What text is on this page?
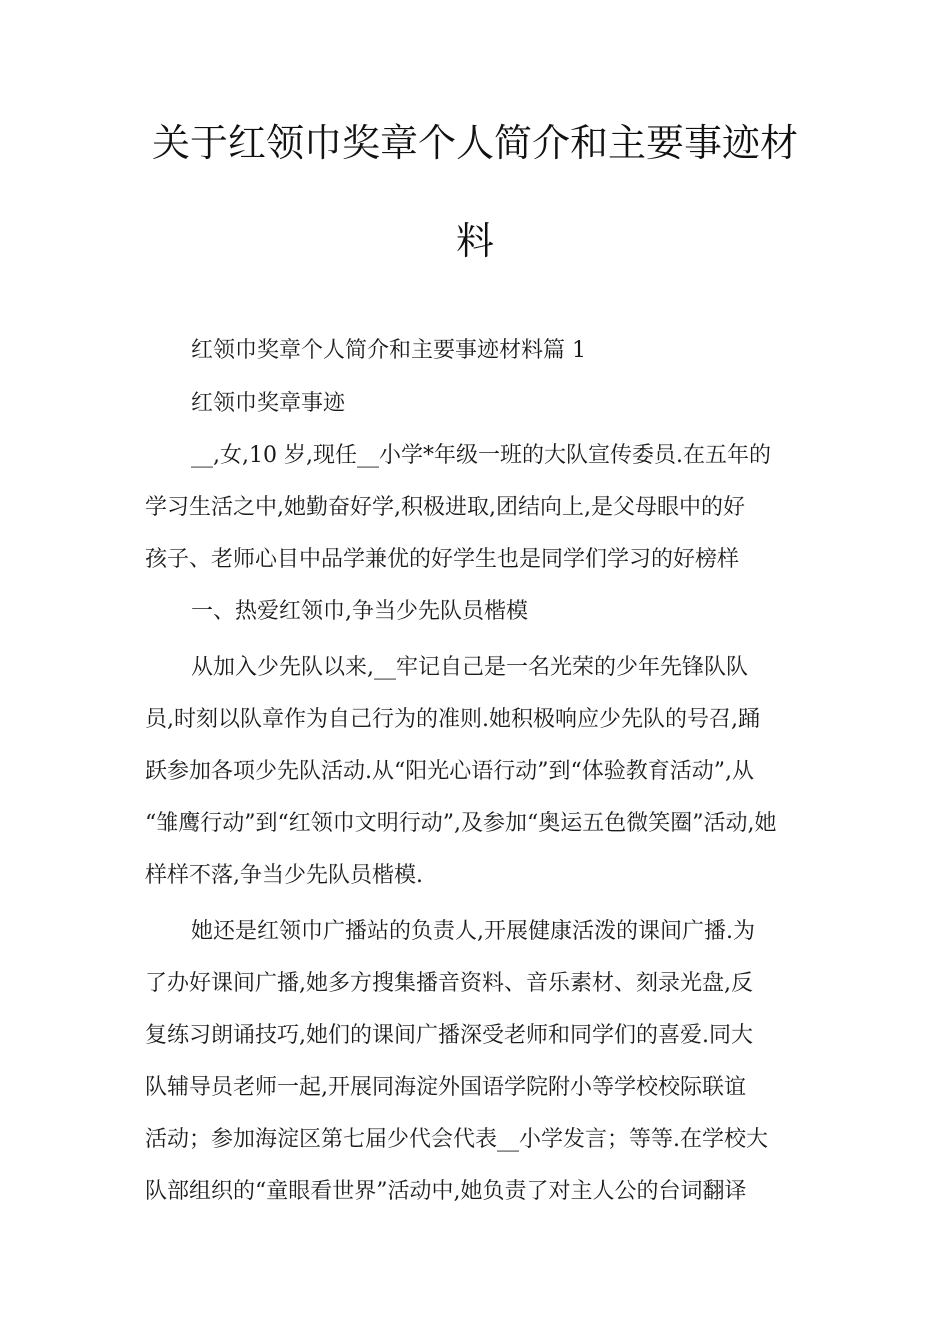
关于红领巾奖章个人简介和主要事迹材
料
红领巾奖章个人简介和主要事迹材料篇 1
红领巾奖章事迹
__,女,10 岁,现任__小学*年级一班的大队宣传委员.在五年的
学习生活之中,她勤奋好学,积极进取,团结向上,是父母眼中的好
孩子、老师心目中品学兼优的好学生也是同学们学习的好榜样
一、热爱红领巾,争当少先队员楷模
从加入少先队以来,__牢记自己是一名光荣的少年先锋队队
员,时刻以队章作为自己行为的准则.她积极响应少先队的号召,踊
跃参加各项少先队活动.从“阳光心语行动”到“体验教育活动”,从
“雏鹰行动”到“红领巾文明行动”,及参加“奥运五色微笑圈”活动,她
样样不落,争当少先队员楷模.
她还是红领巾广播站的负责人,开展健康活泼的课间广播.为
了办好课间广播,她多方搜集播音资料、音乐素材、刻录光盘,反
复练习朗诵技巧,她们的课间广播深受老师和同学们的喜爱.同大
队辅导员老师一起,开展同海淀外国语学院附小等学校校际联谊
活动；参加海淀区第七届少代会代表__小学发言；等等.在学校大
队部组织的“童眼看世界”活动中,她负责了对主人公的台词翻译
